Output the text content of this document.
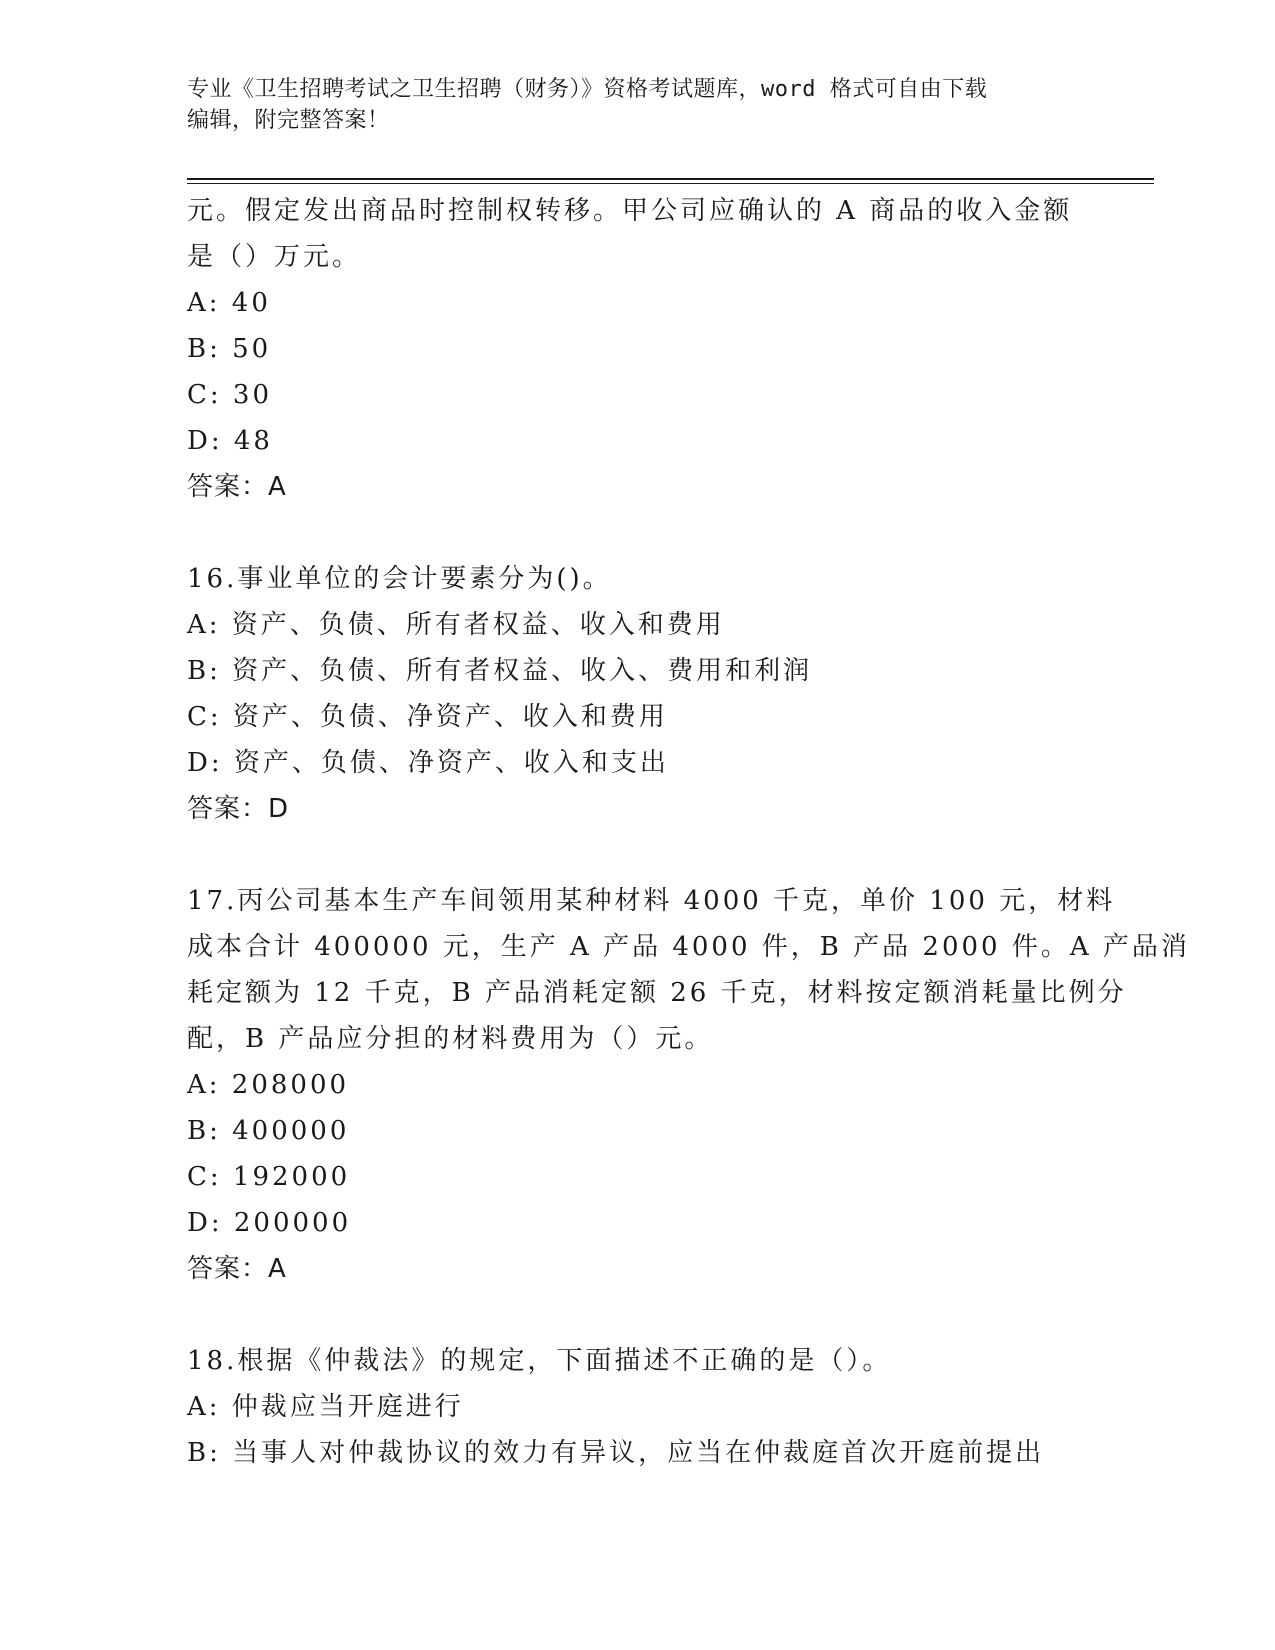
专业《卫生招聘考试之卫生招聘（财务）》资格考试题库，word 格式可自由下载
编辑，附完整答案！
元。假定发出商品时控制权转移。甲公司应确认的 A 商品的收入金额
是（）万元。
A: 40
B: 50
C: 30
D: 48
答案：A
16.事业单位的会计要素分为()。
A: 资产、负债、所有者权益、收入和费用
B: 资产、负债、所有者权益、收入、费用和利润
C: 资产、负债、净资产、收入和费用
D: 资产、负债、净资产、收入和支出
答案：D
17.丙公司基本生产车间领用某种材料 4000 千克，单价 100 元，材料
成本合计 400000 元，生产 A 产品 4000 件，B 产品 2000 件。A 产品消
耗定额为 12 千克，B 产品消耗定额 26 千克，材料按定额消耗量比例分
配，B 产品应分担的材料费用为（）元。
A: 208000
B: 400000
C: 192000
D: 200000
答案：A
18.根据《仲裁法》的规定，下面描述不正确的是（）。
A: 仲裁应当开庭进行
B: 当事人对仲裁协议的效力有异议，应当在仲裁庭首次开庭前提出
